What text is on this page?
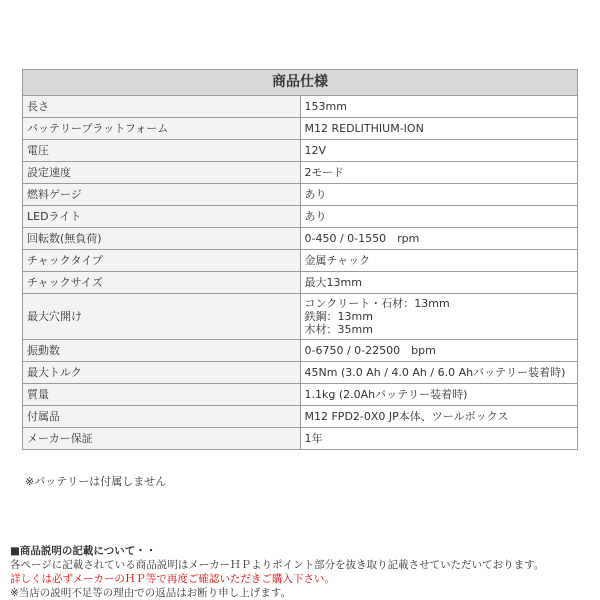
商品仕様	
長さ	153mm
バッテリープラットフォーム	M12 REDLITHIUM-ION
電圧	12V
設定速度	2モード
燃料ゲージ	あり
LEDライト	あり
回転数(無負荷)	0-450 / 0-1550　rpm
チャックタイプ	金属チャック
チャックサイズ	最大13mm
最大穴開け	コンクリート・石材：13mm
鉄鋼：13mm
木材：35mm

振動数	0-6750 / 0-22500　bpm
最大トルク	45Nm (3.0 Ah / 4.0 Ah / 6.0 Ahバッテリー装着時)
質量	1.1kg (2.0Ahバッテリー装着時)
付属品	M12 FPD2-0X0 JP本体、ツールボックス
メーカー保証	1年
※バッテリーは付属しません
■商品説明の記載について・・
各ページに記載されている商品説明はメーカーＨＰよりポイント部分を抜き取り記載させていただいております。
詳しくは必ずメーカーのＨＰ等で再度ご確認いただきご購入下さい。
※当店の説明不足等の理由での返品はお断り申し上げます。
